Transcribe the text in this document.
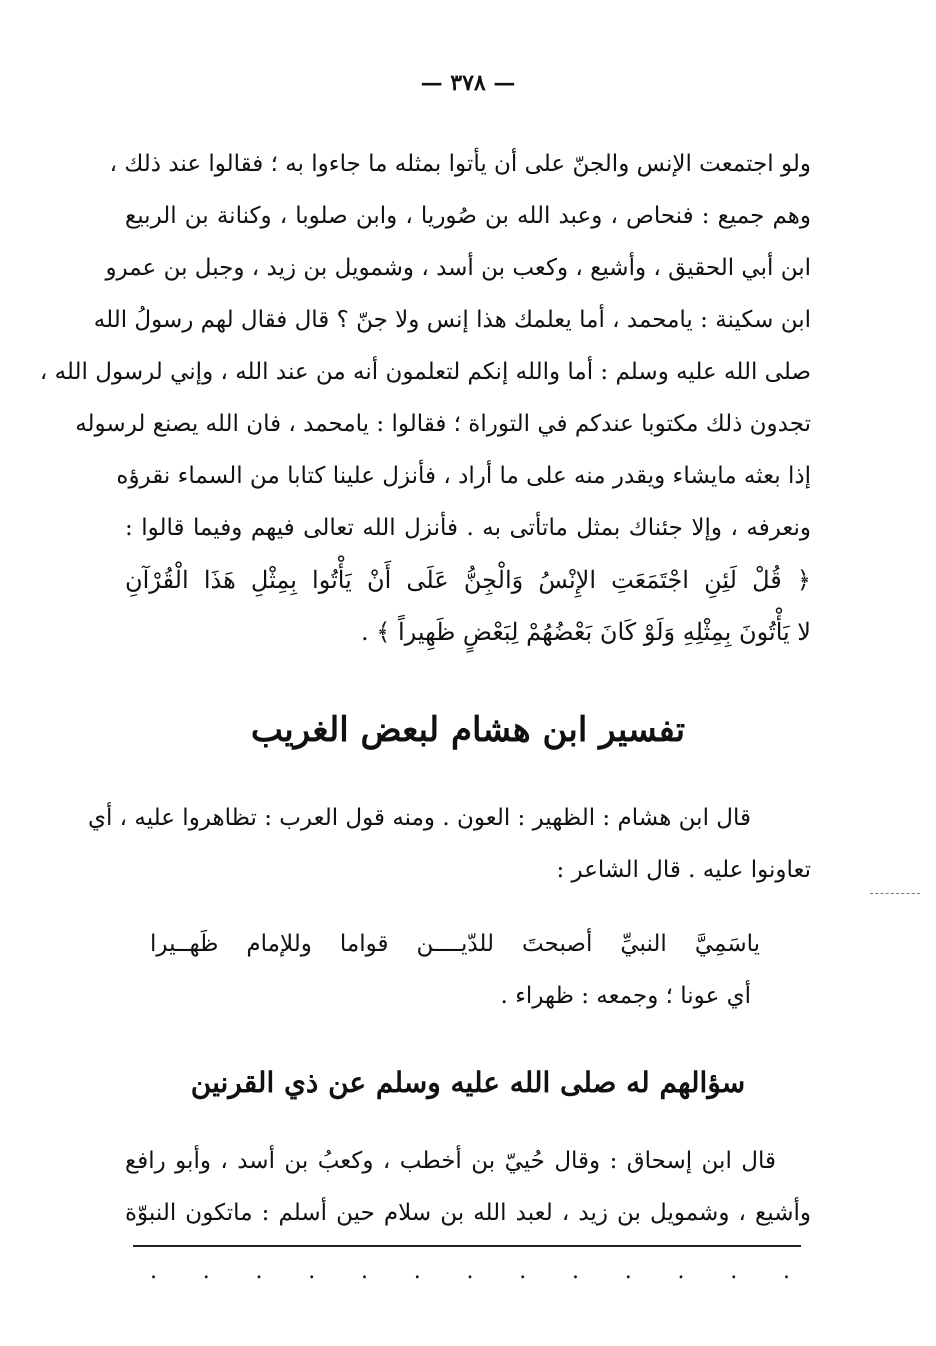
— ٣٧٨ —
ولو اجتمعت الإنس والجنّ على أن يأتوا بمثله ما جاءوا به ؛ فقالوا عند ذلك ،
وهم جميع : فنحاص ، وعبد الله بن صُوريا ، وابن صلوبا ، وكنانة بن الربيع
ابن أبي الحقيق ، وأشيع ، وكعب بن أسد ، وشمويل بن زيد ، وجبل بن عمرو
ابن سكينة : يامحمد ، أما يعلمك هذا إنس ولا جنّ ؟ قال فقال لهم رسولُ الله
صلى الله عليه وسلم : أما والله إنكم لتعلمون أنه من عند الله ، وإني لرسول الله ،
تجدون ذلك مكتوبا عندكم في التوراة ؛ فقالوا : يامحمد ، فان الله يصنع لرسوله
إذا بعثه مايشاء ويقدر منه على ما أراد ، فأنزل علينا كتابا من السماء نقرؤه
ونعرفه ، وإلا جئناك بمثل ماتأتى به . فأنزل الله تعالى فيهم وفيما قالوا :
﴿ قُلْ لَئِنِ اجْتَمَعَتِ الإِنْسُ وَالْجِنُّ عَلَى أَنْ يَأْتُوا بِمِثْلِ هَذَا الْقُرْآنِ
لا يَأْتُونَ بِمِثْلِهِ وَلَوْ كَانَ بَعْضُهُمْ لِبَعْضٍ ظَهِيراً ﴾ .
تفسير ابن هشام لبعض الغريب
قال ابن هشام : الظهير : العون . ومنه قول العرب : تظاهروا عليه ، أي
تعاونوا عليه . قال الشاعر :
ياسَمِيَّ النبيِّ أصبحتَ للدّيــــن قواما وللإمام ظَهــيرا
أي عونا ؛ وجمعه : ظهراء .
سؤالهم له صلى الله عليه وسلم عن ذي القرنين
قال ابن إسحاق : وقال حُييّ بن أخطب ، وكعبُ بن أسد ، وأبو رافع
وأشيع ، وشمويل بن زيد ، لعبد الله بن سلام حين أسلم : ماتكون النبوّة
. . . . . . . . . . . . .
